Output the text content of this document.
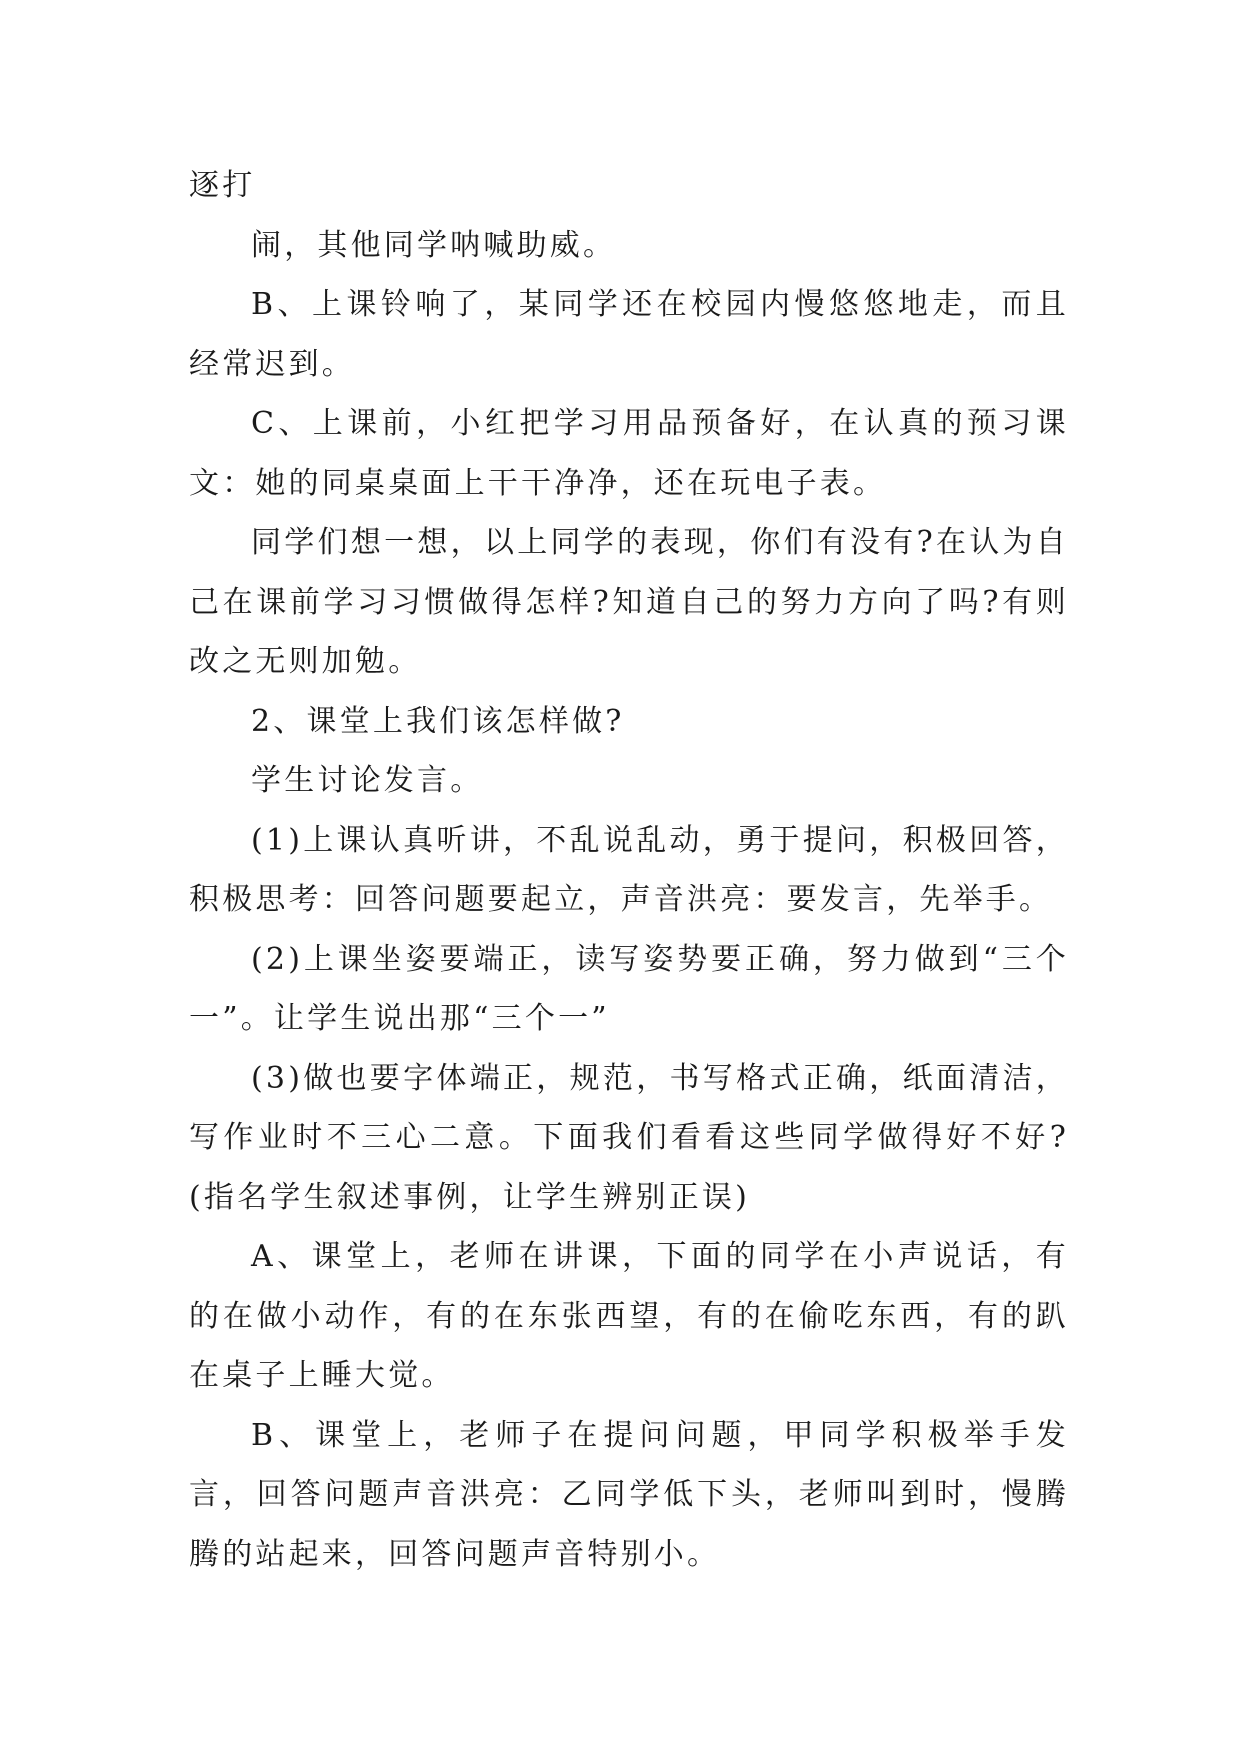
逐打

闹，其他同学呐喊助威。

B、上课铃响了，某同学还在校园内慢悠悠地走，而且经常迟到。

C、上课前，小红把学习用品预备好，在认真的预习课文：她的同桌桌面上干干净净，还在玩电子表。

同学们想一想，以上同学的表现，你们有没有?在认为自己在课前学习习惯做得怎样?知道自己的努力方向了吗?有则改之无则加勉。

2、课堂上我们该怎样做?

学生讨论发言。

(1)上课认真听讲，不乱说乱动，勇于提问，积极回答，积极思考：回答问题要起立，声音洪亮：要发言，先举手。

(2)上课坐姿要端正，读写姿势要正确，努力做到“三个一”。让学生说出那“三个一”

(3)做也要字体端正，规范，书写格式正确，纸面清洁，写作业时不三心二意。下面我们看看这些同学做得好不好?(指名学生叙述事例，让学生辨别正误)

A、课堂上，老师在讲课，下面的同学在小声说话，有的在做小动作，有的在东张西望，有的在偷吃东西，有的趴在桌子上睡大觉。

B、课堂上，老师子在提问问题，甲同学积极举手发言，回答问题声音洪亮：乙同学低下头，老师叫到时，慢腾腾的站起来，回答问题声音特别小。
